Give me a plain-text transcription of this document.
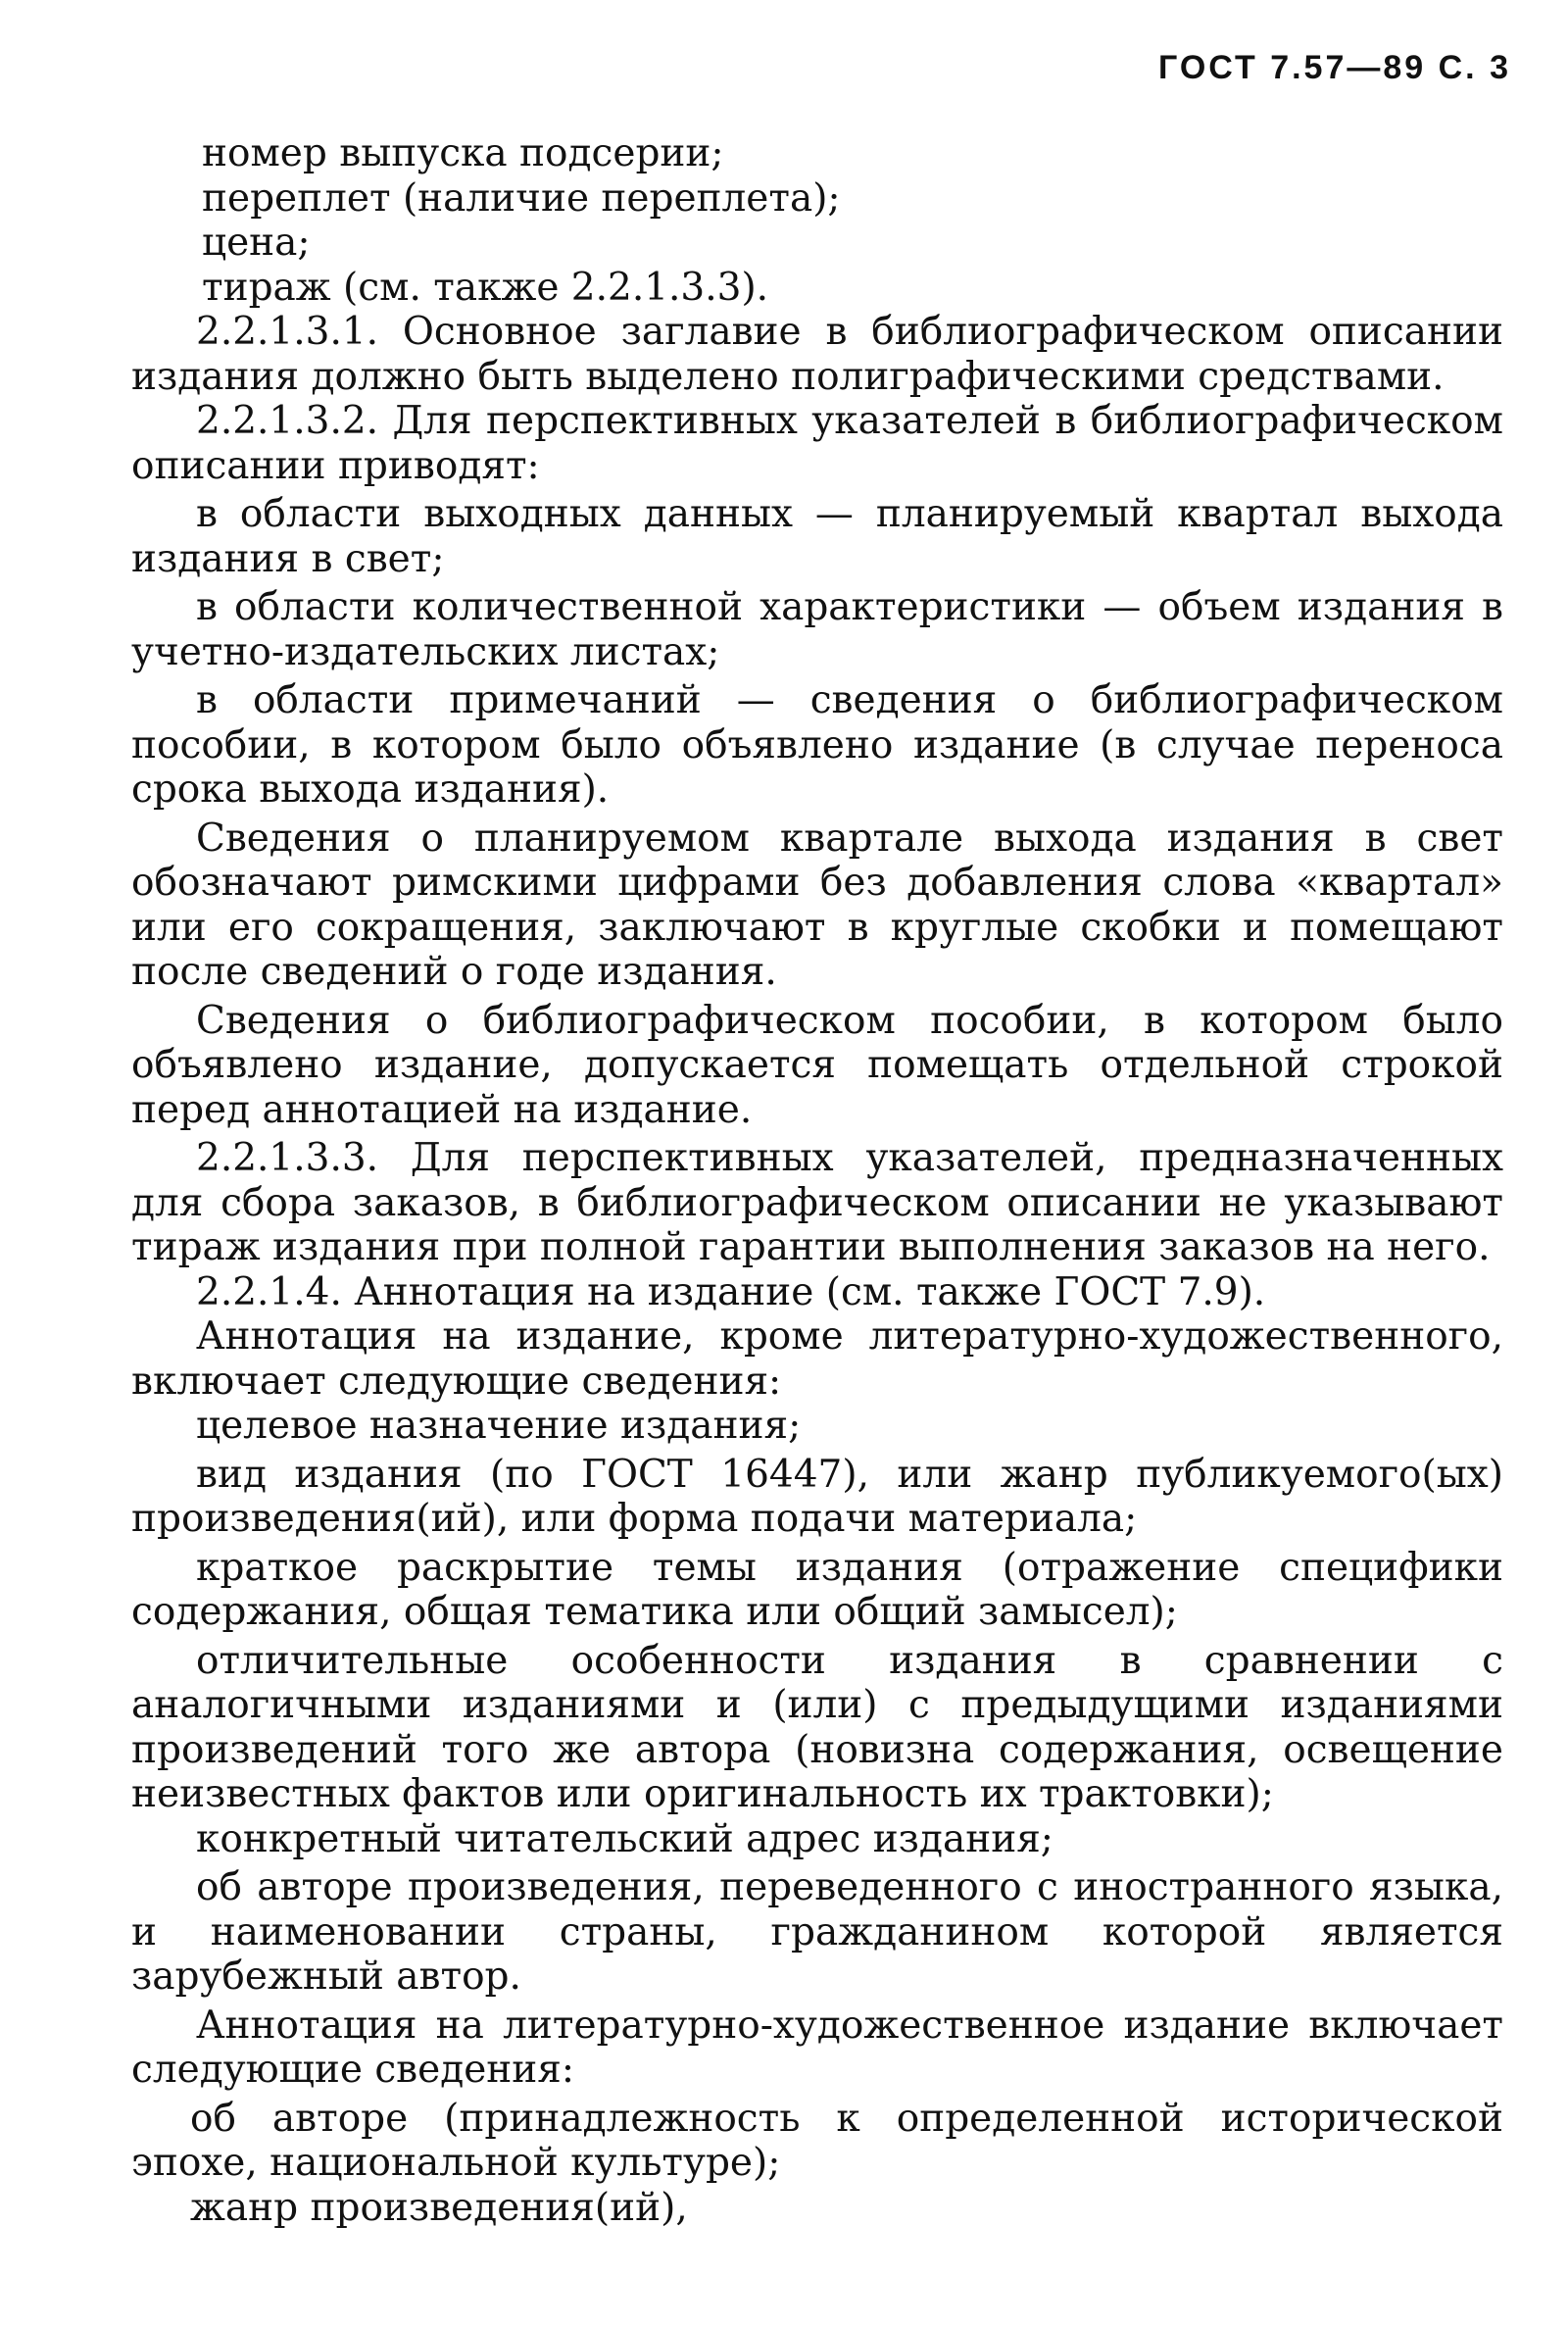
ГОСТ 7.57—89 С. 3

номер выпуска подсерии;

переплет (наличие переплета);

цена;

тираж (см. также 2.2.1.3.3).

2.2.1.3.1. Основное заглавие в библиографическом описании издания должно быть выделено полиграфическими средствами.

2.2.1.3.2. Для перспективных указателей в библиографическом описании приводят:

в области выходных данных — планируемый квартал выхода издания в свет;

в области количественной характеристики — объем издания в учетно-издательских листах;

в области примечаний — сведения о библиографическом пособии, в котором было объявлено издание (в случае переноса срока выхода издания).

Сведения о планируемом квартале выхода издания в свет обозначают римскими цифрами без добавления слова «квартал» или его сокращения, заключают в круглые скобки и помещают после сведений о годе издания.

Сведения о библиографическом пособии, в котором было объявлено издание, допускается помещать отдельной строкой перед аннотацией на издание.

2.2.1.3.3. Для перспективных указателей, предназначенных для сбора заказов, в библиографическом описании не указывают тираж издания при полной гарантии выполнения заказов на него.

2.2.1.4. Аннотация на издание (см. также ГОСТ 7.9).

Аннотация на издание, кроме литературно-художественного, включает следующие сведения:

целевое назначение издания;

вид издания (по ГОСТ 16447), или жанр публикуемого(ых) произведения(ий), или форма подачи материала;

краткое раскрытие темы издания (отражение специфики содержания, общая тематика или общий замысел);

отличительные особенности издания в сравнении с аналогичными изданиями и (или) с предыдущими изданиями произведений того же автора (новизна содержания, освещение неизвестных фактов или оригинальность их трактовки);

конкретный читательский адрес издания;

об авторе произведения, переведенного с иностранного языка, и наименовании страны, гражданином которой является зарубежный автор.

Аннотация на литературно-художественное издание включает следующие сведения:

об авторе (принадлежность к определенной исторической эпохе, национальной культуре);

жанр произведения(ий),
